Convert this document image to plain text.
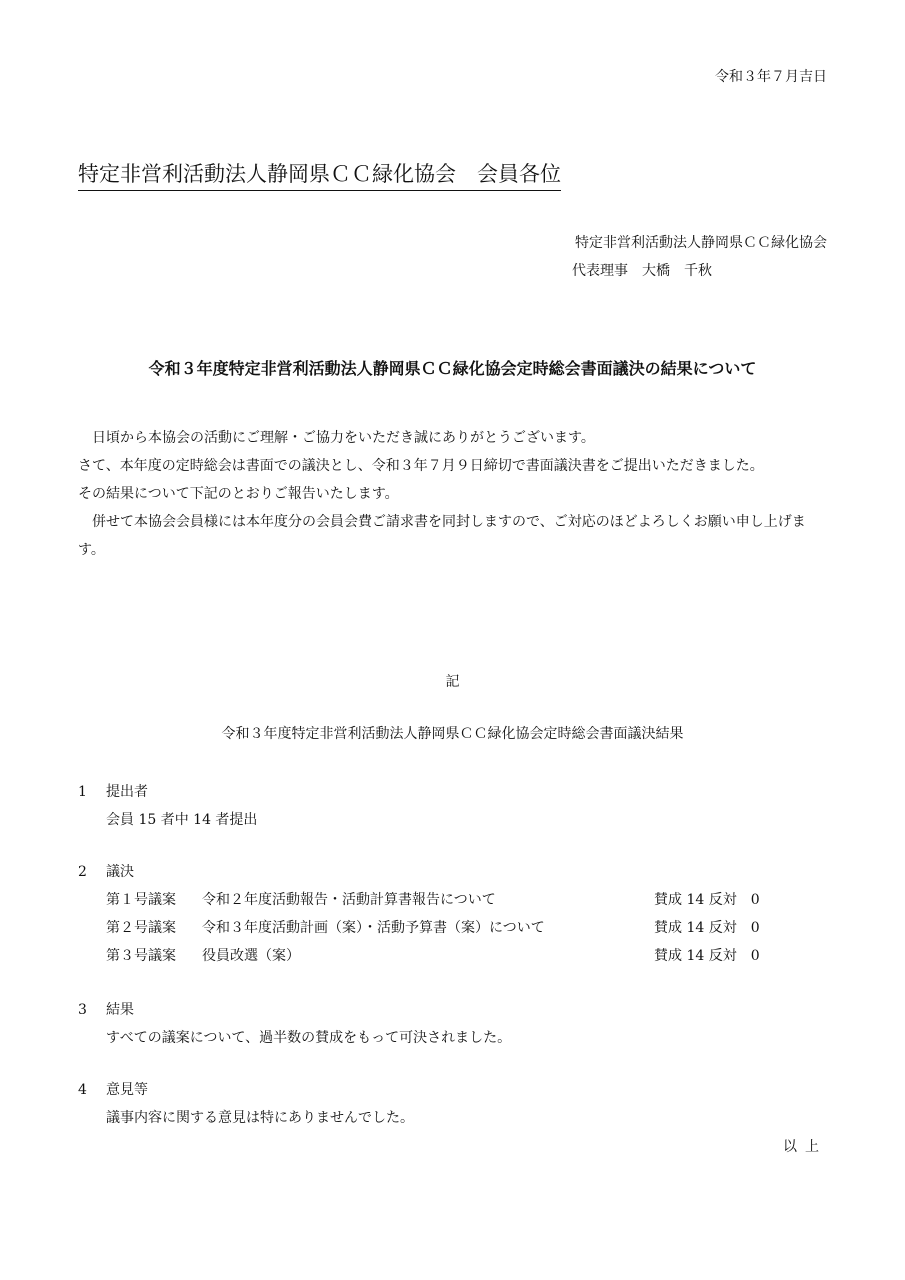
令和３年７月吉日
特定非営利活動法人静岡県ＣＣ緑化協会　会員各位
特定非営利活動法人静岡県ＣＣ緑化協会
代表理事　大橋　千秋
令和３年度特定非営利活動法人静岡県ＣＣ緑化協会定時総会書面議決の結果について

日頃から本協会の活動にご理解・ご協力をいただき誠にありがとうございます。

さて、本年度の定時総会は書面での議決とし、令和３年７月９日締切で書面議決書をご提出いただきました。

その結果について下記のとおりご報告いたします。

併せて本協会会員様には本年度分の会員会費ご請求書を同封しますので、ご対応のほどよろしくお願い申し上げます。

記
令和３年度特定非営利活動法人静岡県ＣＣ緑化協会定時総会書面議決結果
1	提出者
会員 15 者中 14 者提出
2	議決
第１号議案	令和２年度活動報告・活動計算書報告について	賛成 14 反対　0
第２号議案	令和３年度活動計画（案）・活動予算書（案）について	賛成 14 反対　0
第３号議案	役員改選（案）	賛成 14 反対　0
3	結果
すべての議案について、過半数の賛成をもって可決されました。
4	意見等
議事内容に関する意見は特にありませんでした。
以上
